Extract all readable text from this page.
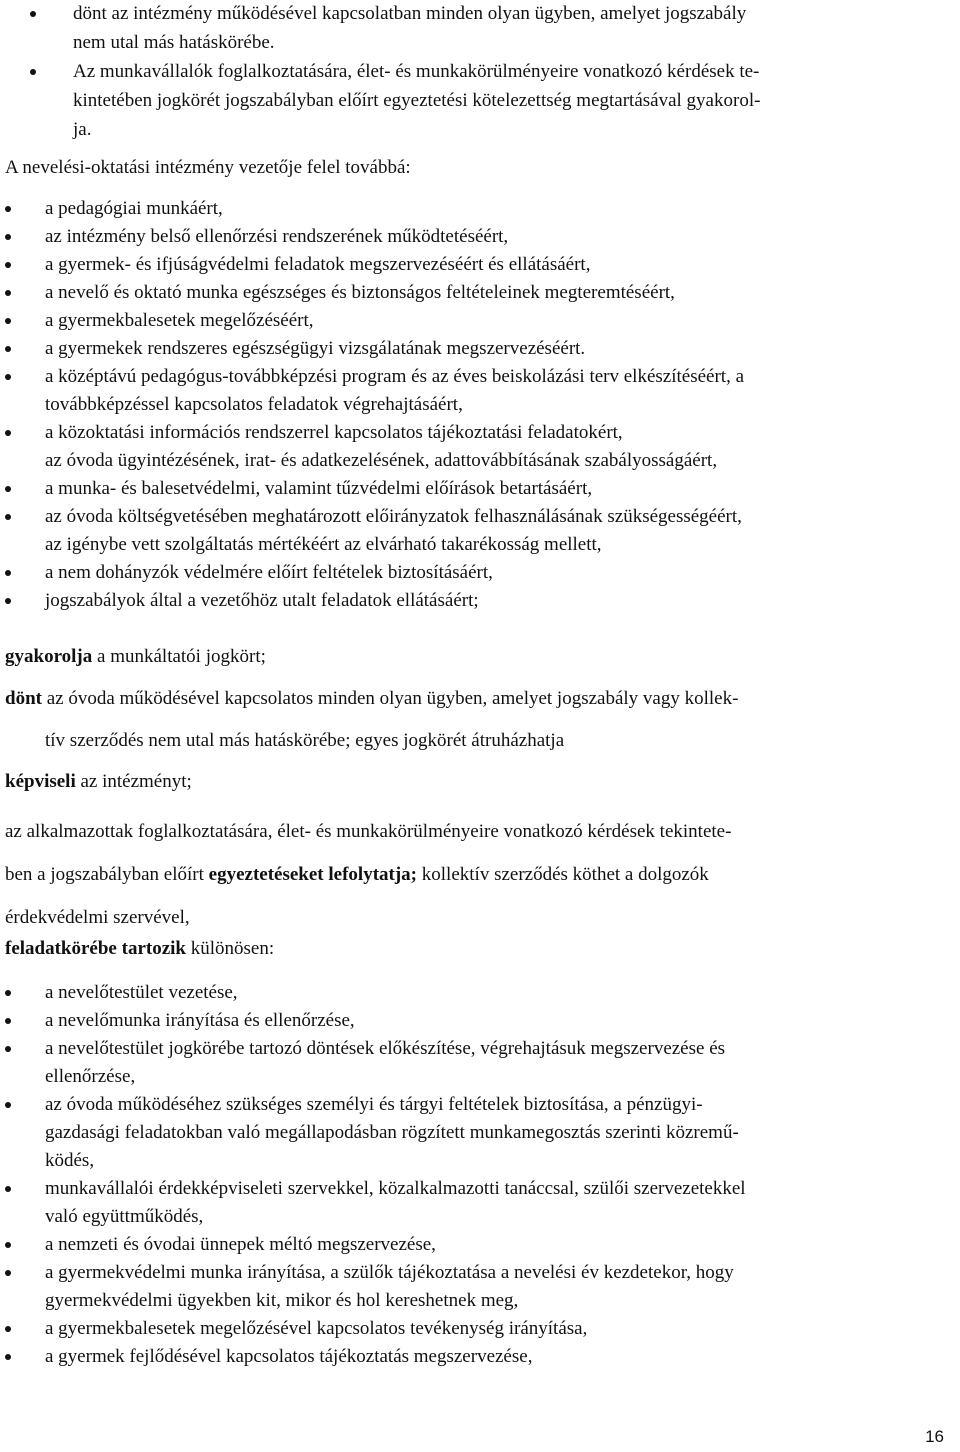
dönt az intézmény működésével kapcsolatban minden olyan ügyben, amelyet jogszabály
nem utal más hatáskörébe.
Az munkavállalók foglalkoztatására, élet- és munkakörülményeire vonatkozó kérdések te-
kintetében jogkörét jogszabályban előírt egyeztetési kötelezettség megtartásával gyakorol-
ja.
A nevelési-oktatási intézmény vezetője felel továbbá:
a pedagógiai munkáért,
az intézmény belső ellenőrzési rendszerének működtetéséért,
a gyermek- és ifjúságvédelmi feladatok megszervezéséért és ellátásáért,
a nevelő és oktató munka egészséges és biztonságos feltételeinek megteremtéséért,
a gyermekbalesetek megelőzéséért,
a gyermekek rendszeres egészségügyi vizsgálatának megszervezéséért.
a középtávú pedagógus-továbbképzési program és az éves beiskolázási terv elkészítéséért, a
továbbképzéssel kapcsolatos feladatok végrehajtásáért,
a közoktatási információs rendszerrel kapcsolatos tájékoztatási feladatokért,
az óvoda ügyintézésének, irat- és adatkezelésének, adattovábbításának szabályosságáért,
a munka- és balesetvédelmi, valamint tűzvédelmi előírások betartásáért,
az óvoda költségvetésében meghatározott előirányzatok felhasználásának szükségességéért,
az igénybe vett szolgáltatás mértékéért az elvárható takarékosság mellett,
a nem dohányzók védelmére előírt feltételek biztosításáért,
jogszabályok által a vezetőhöz utalt feladatok ellátásáért;
gyakorolja a munkáltatói jogkört;
dönt az óvoda működésével kapcsolatos minden olyan ügyben, amelyet jogszabály vagy kollek-
tív szerződés nem utal más hatáskörébe; egyes jogkörét átruházhatja
képviseli az intézményt;
az alkalmazottak foglalkoztatására, élet- és munkakörülményeire vonatkozó kérdések tekintete-
ben a jogszabályban előírt egyeztetéseket lefolytatja; kollektív szerződés köthet a dolgozók
érdekvédelmi szervével,
feladatkörébe tartozik különösen:
a nevelőtestület vezetése,
a nevelőmunka irányítása és ellenőrzése,
a nevelőtestület jogkörébe tartozó döntések előkészítése, végrehajtásuk megszervezése és
ellenőrzése,
az óvoda működéséhez szükséges személyi és tárgyi feltételek biztosítása, a pénzügyi-
gazdasági feladatokban való megállapodásban rögzített munkamegosztás szerinti közremű-
ködés,
munkavállalói érdekképviseleti szervekkel, közalkalmazotti tanáccsal, szülői szervezetekkel
való együttműködés,
a nemzeti és óvodai ünnepek méltó megszervezése,
a gyermekvédelmi munka irányítása, a szülők tájékoztatása a nevelési év kezdetekor, hogy
gyermekvédelmi ügyekben kit, mikor és hol kereshetnek meg,
a gyermekbalesetek megelőzésével kapcsolatos tevékenység irányítása,
a gyermek fejlődésével kapcsolatos tájékoztatás megszervezése,
16
